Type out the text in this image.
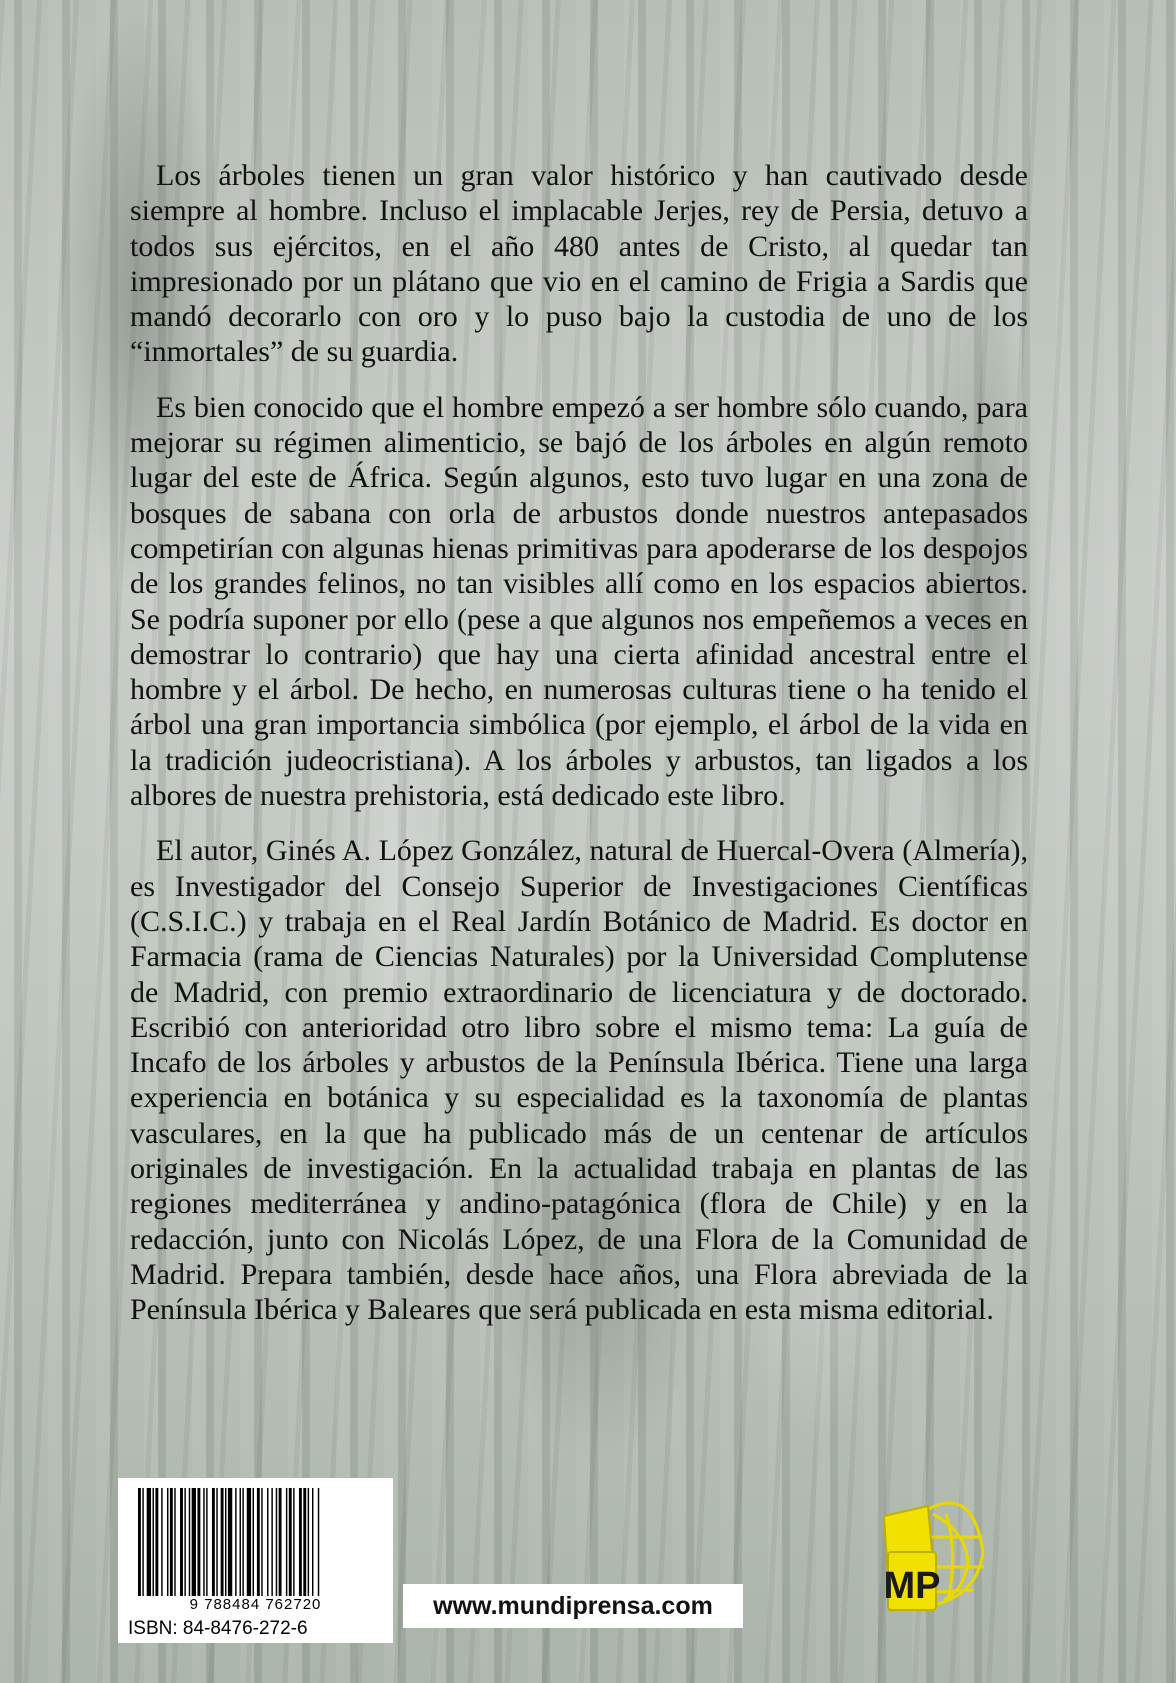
Los árboles tienen un gran valor histórico y han cautivado desde siempre al hombre. Incluso el implacable Jerjes, rey de Persia, detuvo a todos sus ejércitos, en el año 480 antes de Cristo, al quedar tan impresionado por un plátano que vio en el camino de Frigia a Sardis que mandó decorarlo con oro y lo puso bajo la custodia de uno de los “inmortales” de su guardia.

Es bien conocido que el hombre empezó a ser hombre sólo cuando, para mejorar su régimen alimenticio, se bajó de los árboles en algún remoto lugar del este de África. Según algunos, esto tuvo lugar en una zona de bosques de sabana con orla de arbustos donde nuestros antepasados competirían con algunas hienas primitivas para apoderarse de los despojos de los grandes felinos, no tan visibles allí como en los espacios abiertos. Se podría suponer por ello (pese a que algunos nos empeñemos a veces en demostrar lo contrario) que hay una cierta afinidad ancestral entre el hombre y el árbol. De hecho, en numerosas culturas tiene o ha tenido el árbol una gran importancia simbólica (por ejemplo, el árbol de la vida en la tradición judeocristiana). A los árboles y arbustos, tan ligados a los albores de nuestra prehistoria, está dedicado este libro.

El autor, Ginés A. López González, natural de Huercal-Overa (Almería), es Investigador del Consejo Superior de Investigaciones Científicas (C.S.I.C.) y trabaja en el Real Jardín Botánico de Madrid. Es doctor en Farmacia (rama de Ciencias Naturales) por la Universidad Complutense de Madrid, con premio extraordinario de licenciatura y de doctorado. Escribió con anterioridad otro libro sobre el mismo tema: La guía de Incafo de los árboles y arbustos de la Península Ibérica. Tiene una larga experiencia en botánica y su especialidad es la taxonomía de plantas vasculares, en la que ha publicado más de un centenar de artículos originales de investigación. En la actualidad trabaja en plantas de las regiones mediterránea y andino-patagónica (flora de Chile) y en la redacción, junto con Nicolás López, de una Flora de la Comunidad de Madrid. Prepara también, desde hace años, una Flora abreviada de la Península Ibérica y Baleares que será publicada en esta misma editorial.

9 788484 762720
ISBN: 84-8476-272-6
www.mundiprensa.com	MP
